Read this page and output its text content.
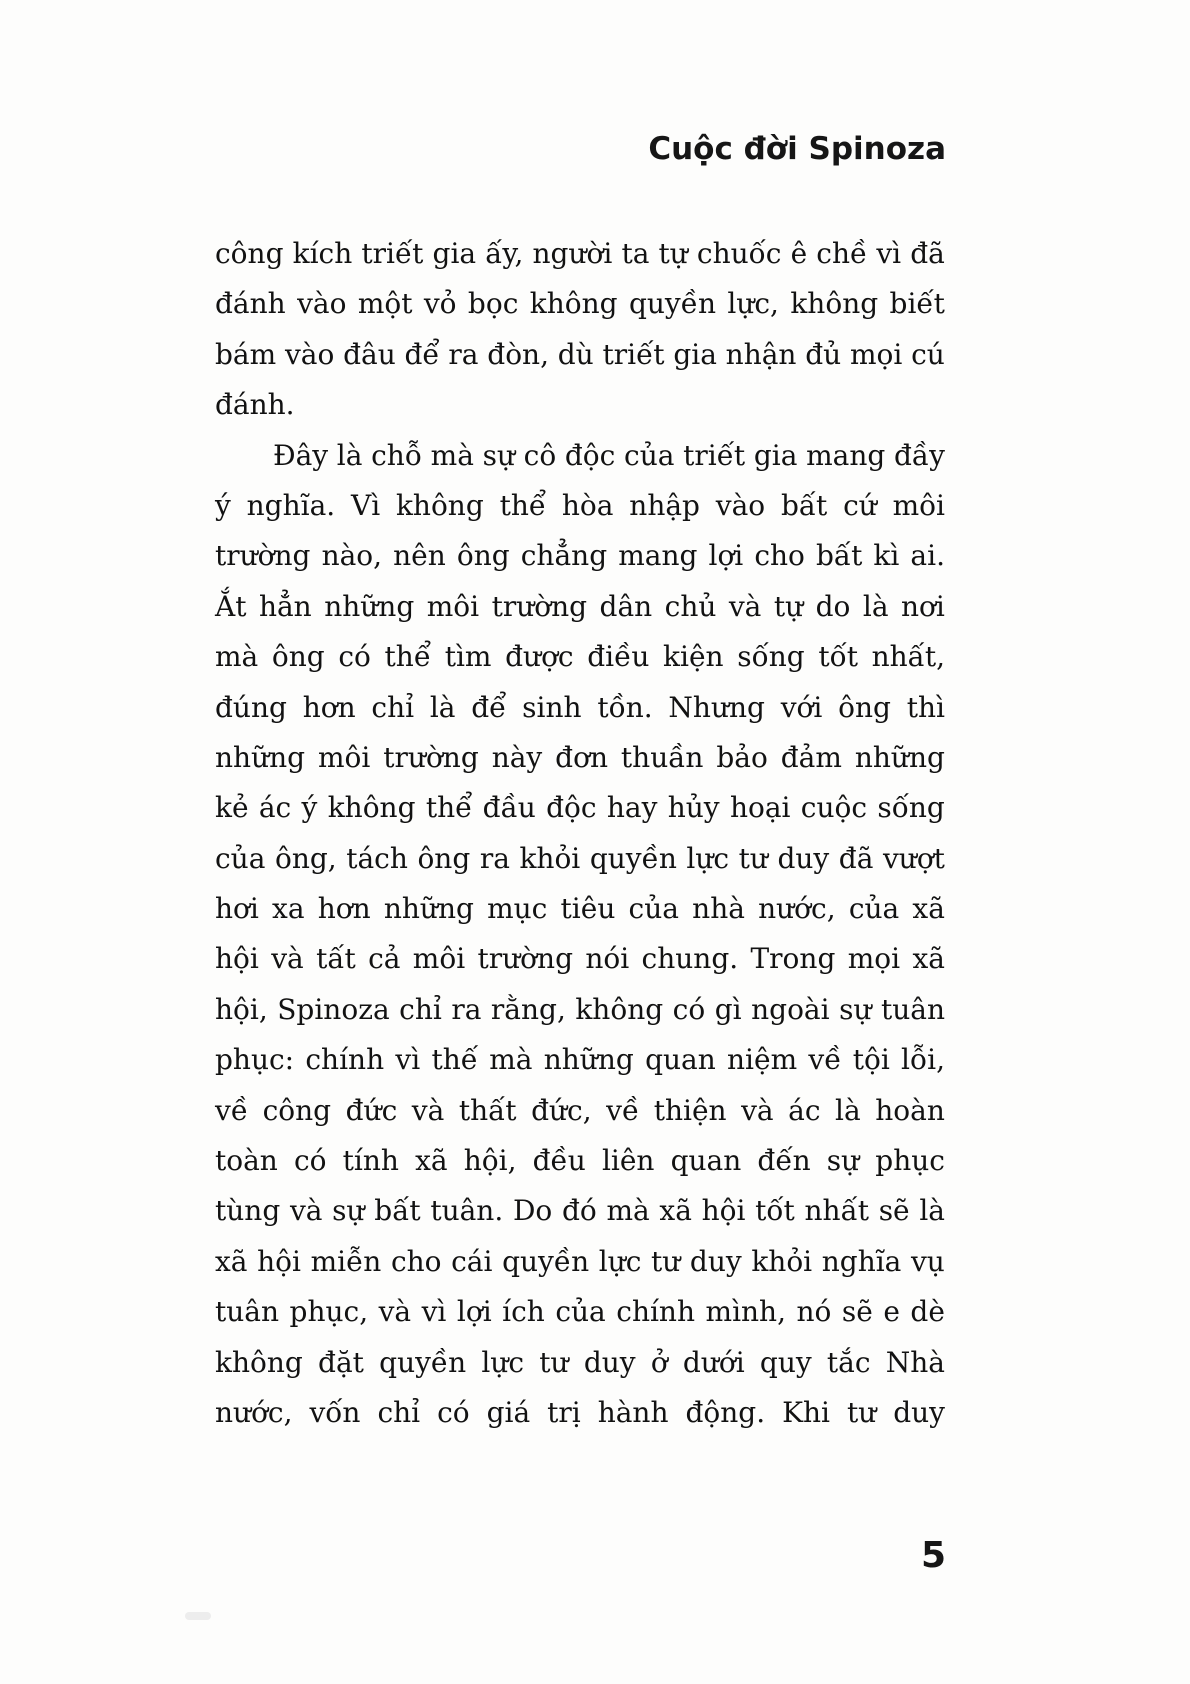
Cuộc đời Spinoza
công kích triết gia ấy, người ta tự chuốc ê chề vì đã
đánh vào một vỏ bọc không quyền lực, không biết
bám vào đâu để ra đòn, dù triết gia nhận đủ mọi cú
đánh.
Đây là chỗ mà sự cô độc của triết gia mang đầy
ý nghĩa. Vì không thể hòa nhập vào bất cứ môi
trường nào, nên ông chẳng mang lợi cho bất kì ai.
Ắt hẳn những môi trường dân chủ và tự do là nơi
mà ông có thể tìm được điều kiện sống tốt nhất,
đúng hơn chỉ là để sinh tồn. Nhưng với ông thì
những môi trường này đơn thuần bảo đảm những
kẻ ác ý không thể đầu độc hay hủy hoại cuộc sống
của ông, tách ông ra khỏi quyền lực tư duy đã vượt
hơi xa hơn những mục tiêu của nhà nước, của xã
hội và tất cả môi trường nói chung. Trong mọi xã
hội, Spinoza chỉ ra rằng, không có gì ngoài sự tuân
phục: chính vì thế mà những quan niệm về tội lỗi,
về công đức và thất đức, về thiện và ác là hoàn
toàn có tính xã hội, đều liên quan đến sự phục
tùng và sự bất tuân. Do đó mà xã hội tốt nhất sẽ là
xã hội miễn cho cái quyền lực tư duy khỏi nghĩa vụ
tuân phục, và vì lợi ích của chính mình, nó sẽ e dè
không đặt quyền lực tư duy ở dưới quy tắc Nhà
nước, vốn chỉ có giá trị hành động. Khi tư duy
5
